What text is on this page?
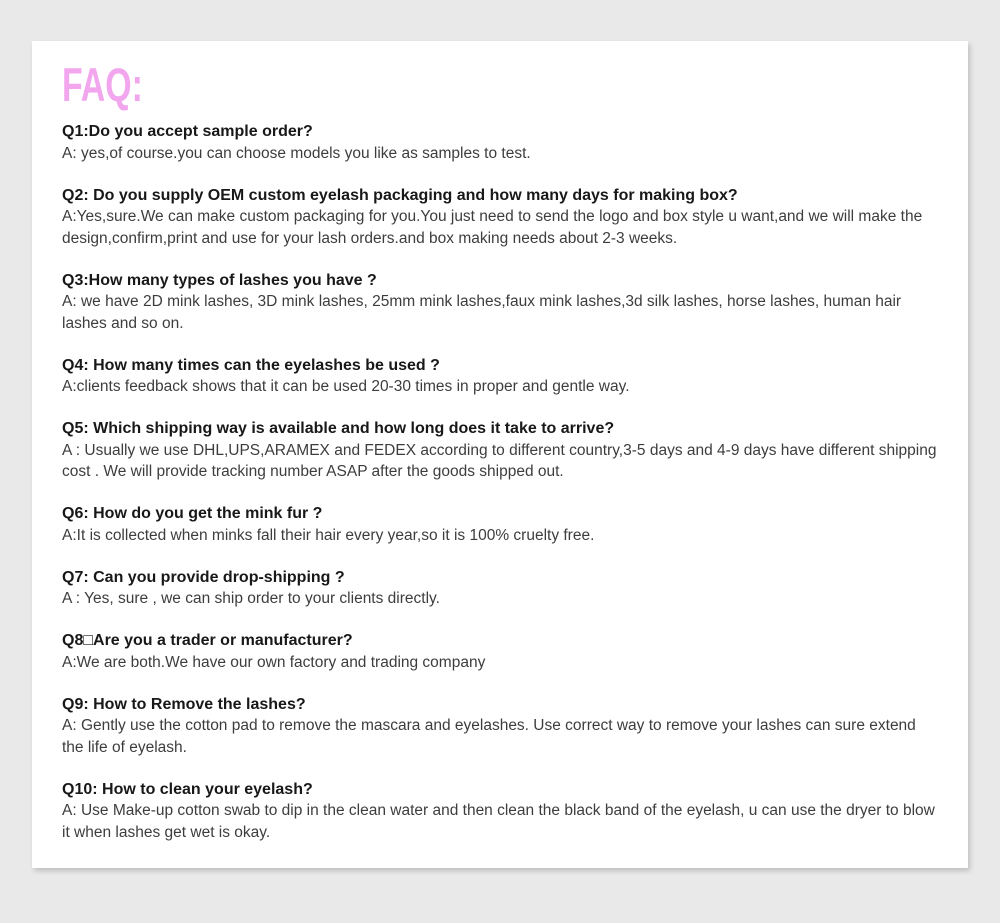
FAQ:
Q1:Do you accept sample order?
A: yes,of course.you can choose models you like as samples to test.
Q2: Do you supply OEM custom eyelash packaging and how many days for making box?
A:Yes,sure.We can make custom packaging for you.You just need to send the logo and box style u want,and we will make the design,confirm,print and use for your lash orders.and box making needs about 2-3 weeks.
Q3:How many types of lashes you have ?
A: we have 2D mink lashes, 3D mink lashes, 25mm mink lashes,faux mink lashes,3d silk lashes, horse lashes, human hair lashes and so on.
Q4: How many times can the eyelashes be used ?
A:clients feedback shows that it can be used 20-30 times in proper and gentle way.
Q5: Which shipping way is available and how long does it take to arrive?
A : Usually we use DHL,UPS,ARAMEX and FEDEX according to different country,3-5 days and 4-9 days have different shipping cost . We will provide tracking number ASAP after the goods shipped out.
Q6: How do you get the mink fur ?
A:It is collected when minks fall their hair every year,so it is 100% cruelty free.
Q7: Can you provide drop-shipping ?
A : Yes, sure , we can ship order to your clients directly.
Q8□Are you a trader or manufacturer?
A:We are both.We have our own factory and trading company
Q9: How to Remove the lashes?
A: Gently use the cotton pad to remove the mascara and eyelashes. Use correct way to remove your lashes can sure extend the life of eyelash.
Q10: How to clean your eyelash?
A: Use Make-up cotton swab to dip in the clean water and then clean the black band of the eyelash, u can use the dryer to blow it when lashes get wet is okay.
